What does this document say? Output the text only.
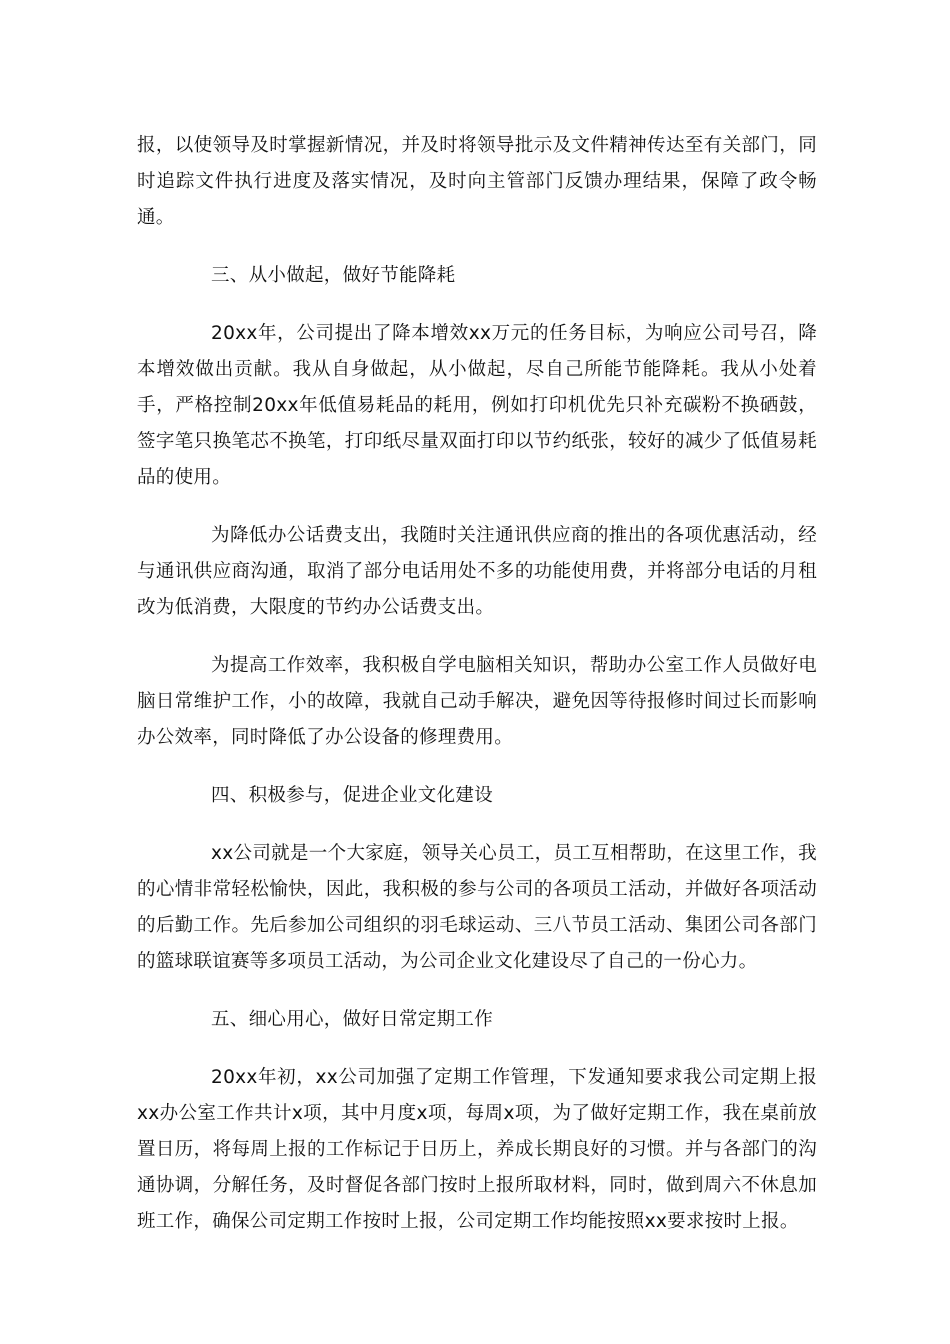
报，以使领导及时掌握新情况，并及时将领导批示及文件精神传达至有关部门，同时追踪文件执行进度及落实情况，及时向主管部门反馈办理结果，保障了政令畅通。

三、从小做起，做好节能降耗

20xx年，公司提出了降本增效xx万元的任务目标，为响应公司号召，降本增效做出贡献。我从自身做起，从小做起，尽自己所能节能降耗。我从小处着手，严格控制20xx年低值易耗品的耗用，例如打印机优先只补充碳粉不换硒鼓，签字笔只换笔芯不换笔，打印纸尽量双面打印以节约纸张，较好的减少了低值易耗品的使用。

为降低办公话费支出，我随时关注通讯供应商的推出的各项优惠活动，经与通讯供应商沟通，取消了部分电话用处不多的功能使用费，并将部分电话的月租改为低消费，大限度的节约办公话费支出。

为提高工作效率，我积极自学电脑相关知识，帮助办公室工作人员做好电脑日常维护工作，小的故障，我就自己动手解决，避免因等待报修时间过长而影响办公效率，同时降低了办公设备的修理费用。

四、积极参与，促进企业文化建设

xx公司就是一个大家庭，领导关心员工，员工互相帮助，在这里工作，我的心情非常轻松愉快，因此，我积极的参与公司的各项员工活动，并做好各项活动的后勤工作。先后参加公司组织的羽毛球运动、三八节员工活动、集团公司各部门的篮球联谊赛等多项员工活动，为公司企业文化建设尽了自己的一份心力。

五、细心用心，做好日常定期工作

20xx年初，xx公司加强了定期工作管理，下发通知要求我公司定期上报xx办公室工作共计x项，其中月度x项，每周x项，为了做好定期工作，我在桌前放置日历，将每周上报的工作标记于日历上，养成长期良好的习惯。并与各部门的沟通协调，分解任务，及时督促各部门按时上报所取材料，同时，做到周六不休息加班工作，确保公司定期工作按时上报，公司定期工作均能按照xx要求按时上报。
